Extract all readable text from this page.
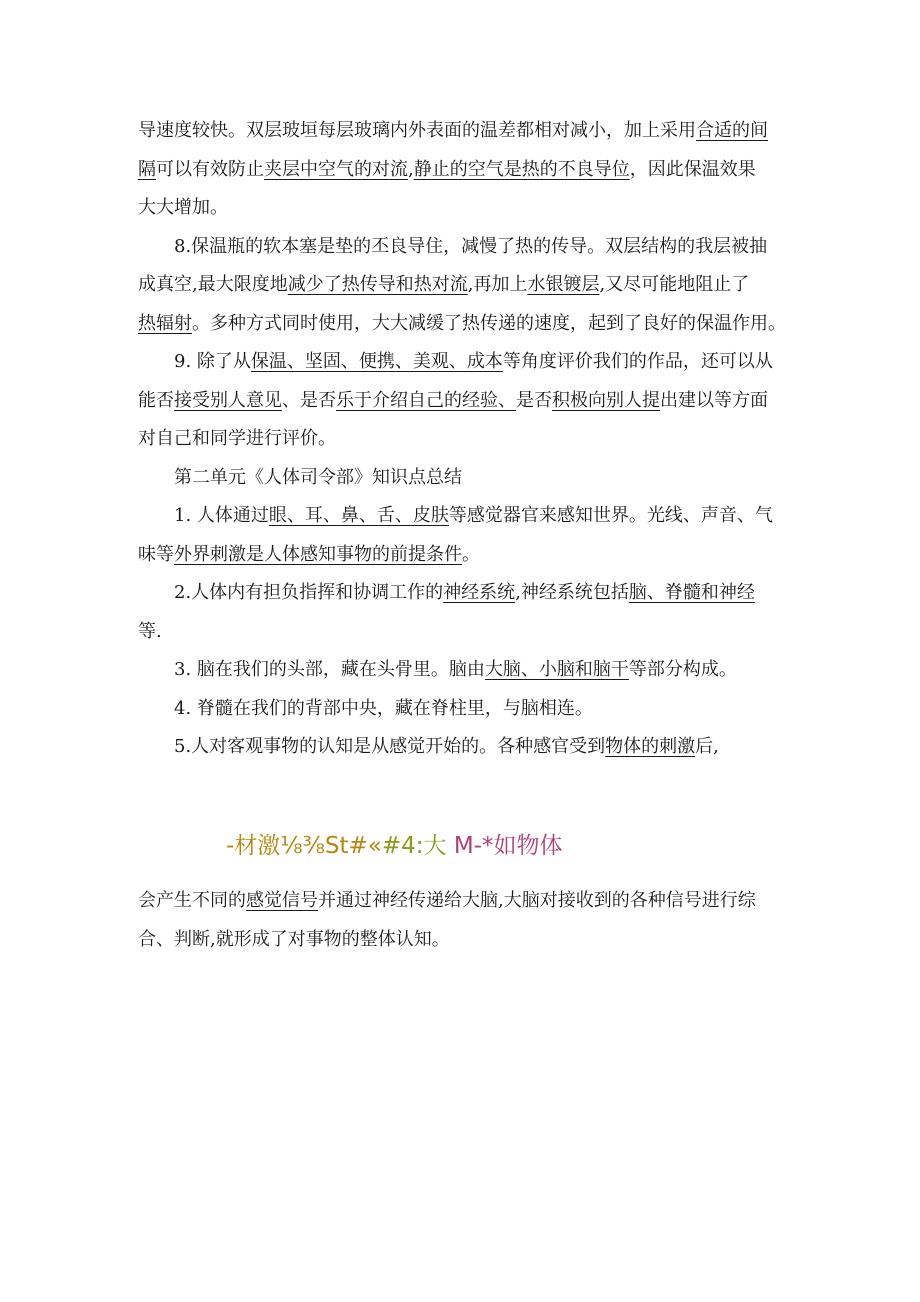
导速度较快。双层玻垣每层玻璃内外表面的温差都相对减小，加上采用合适的间
隔可以有效防止夹层中空气的对流,静止的空气是热的不良导位，因此保温效果
大大增加。
8.保温瓶的软本塞是垫的丕良导住，减慢了热的传导。双层结构的我层被抽
成真空,最大限度地减少了热传导和热对流,再加上水银镀层,又尽可能地阻止了
热辐射。多种方式同时使用，大大减缓了热传递的速度，起到了良好的保温作用。
9. 除了从保温、坚固、便携、美观、成本等角度评价我们的作品，还可以从
能否接受别人意见、是否乐于介绍自己的经验、是否积极向别人提出建以等方面
对自己和同学进行评价。
第二单元《人体司令部》知识点总结
1. 人体通过眼、耳、鼻、舌、皮肤等感觉器官来感知世界。光线、声音、气
味等外界刺激是人体感知事物的前提条件。
2.人体内有担负指挥和协调工作的神经系统,神经系统包括脑、脊髓和神经
等.
3. 脑在我们的头部，藏在头骨里。脑由大脑、小脑和脑干等部分构成。
4. 脊髓在我们的背部中央，藏在脊柱里，与脑相连。
5.人对客观事物的认知是从感觉开始的。各种感官受到物体的刺激后,
-材激⅛⅜St#«#4:大 M-*如物体
会产生不同的感觉信号并通过神经传递给大脑,大脑对接收到的各种信号进行综
合、判断,就形成了对事物的整体认知。
